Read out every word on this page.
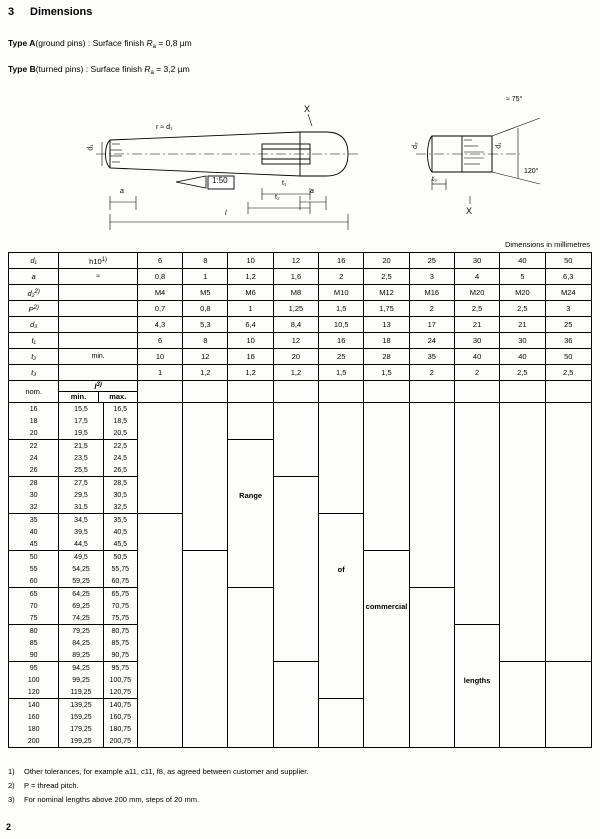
3 Dimensions
Type A(ground pins) : Surface finish $R_a = 0,8$ µm
Type B(turned pins) : Surface finish $R_a = 3,2$ µm
1:50
X
X
≈ 75°
120°
d₁
r ≈ d₁
a	a
t₁
t₂
l
d₂	d₁
t₃
Dimensions in millimetres
d₁	h10$^{1)}$		6	8	10	12	16	20	25	30	40	50
a	≈		0,8	1	1,2	1,6	2	2,5	3	4	5	6,3
d₂$^{2)}$			M4	M5	M6	M8	M10	M12	M16	M20	M20	M24
$P^{2)}$			0,7	0,8	1	1,25	1,5	1,75	2	2,5	2,5	3
d₃			4,3	5,3	6,4	8,4	10,5	13	17	21	21	25
t₁			6	8	10	12	16	18	24	30	30	36
t₂	min.		10	12	16	20	25	28	35	40	40	50
t₃			1	1,2	1,2	1,2	1,5	1,5	2	2	2,5	2,5
nom.	$l^{3)}$
min. max.											

16	15,5	16,5										
18	17,5	18,5										
20	19,5	20,5										
22	21,5	22,5										
24	23,5	24,5										
26	25,5	26,5										
28	27,5	28,5										
30	29,5	30,5			Range							
32	31,5	32,5										
35	34,5	35,5										
40	39,5	40,5										
45	44,5	45,5										
50	49,5	50,5										
55	54,25	55,75					of					
60	59,25	60,75										
65	64,25	65,75										
70	69,25	70,75						commercial				
75	74,25	75,75										
80	79,25	80,75										
85	84,25	85,75										
90	89,25	90,75										
95	94,25	95,75										
100	99,25	100,75								lengths		
120	119,25	120,75										
140	139,25	140,75										
160	159,25	160,75										
180	179,25	180,75										
200	199,25	200,75										
1) Other tolerances, for example a11, c11, f8, as agreed between customer and supplier.
2) P = thread pitch.
3) For nominal lengths above 200 mm, steps of 20 mm.
2
